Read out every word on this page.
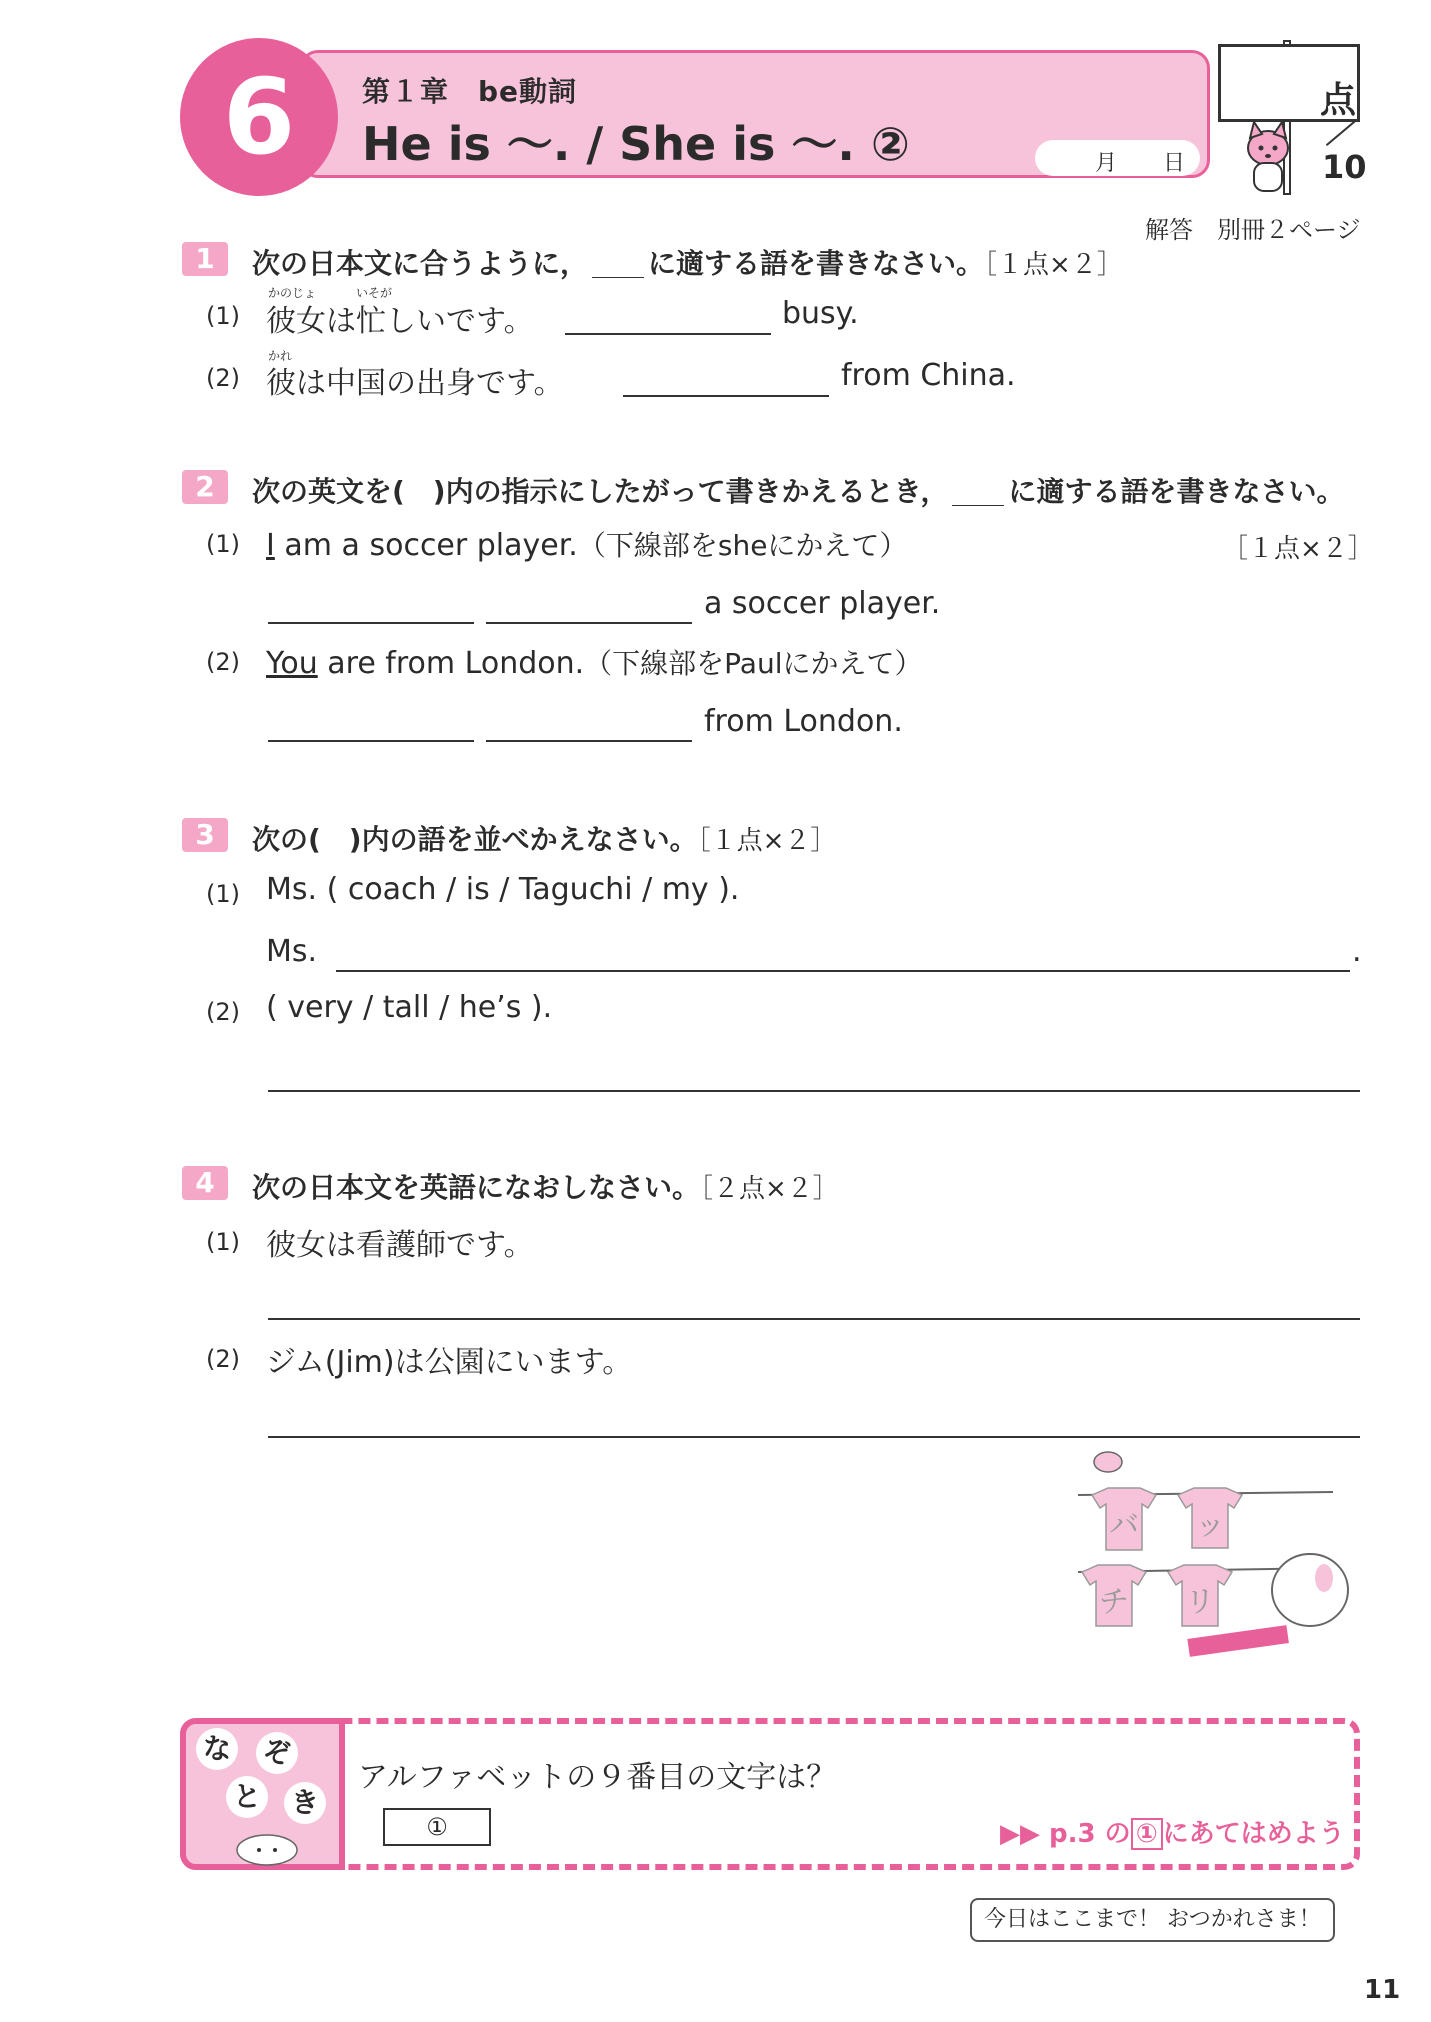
6	第１章　be動詞
He is ～. / She is ～. ②	月 日
点
10
解答　別冊２ページ
1	次の日本文に合うように， に適する語を書きなさい。［１点×２］
(1)
かのじょ	いそが
彼女は忙しいです。	busy.
(2)
かれ
彼は中国の出身です。	from China.
2	次の英文を(　)内の指示にしたがって書きかえるとき， に適する語を書きなさい。
(1) I am a soccer player.（下線部をsheにかえて）	［１点×２］
a soccer player.
(2) You are from London.（下線部をPaulにかえて）
from London.
3	次の(　)内の語を並べかえなさい。［１点×２］
(1) Ms. ( coach / is / Taguchi / my ).
Ms.	.
(2) ( very / tall / he’s ).
4	次の日本文を英語になおしなさい。［２点×２］
(1) 彼女は看護師です。
(2) ジム(Jim)は公園にいます。
バ ッ
チ リ
な ぞ
と き
アルファベットの９番目の文字は？
①	▶▶ p.3 の ① にあてはめよう
今日はここまで！ おつかれさま！
11
